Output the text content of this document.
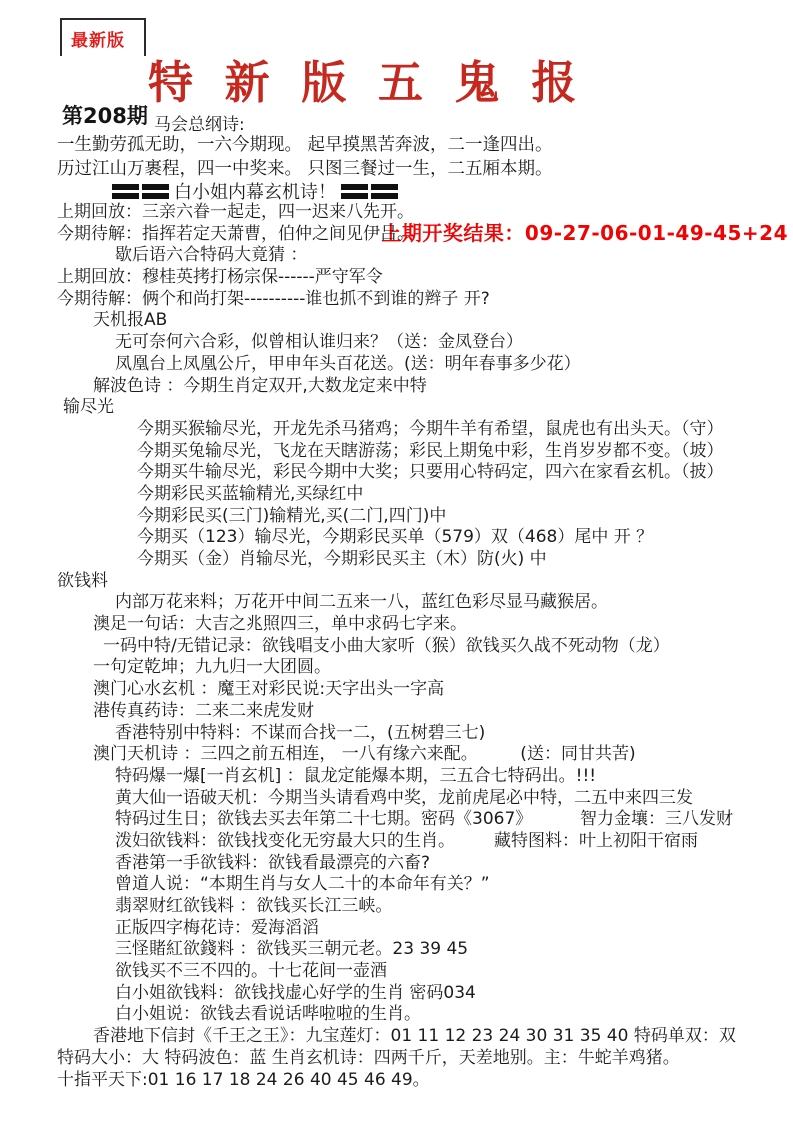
最新版
特 新 版 五 鬼 报
第208期 马会总纲诗:
一生勤劳孤无助，一六今期现。 起早摸黑苦奔波，二一逢四出。
历过江山万裹程，四一中奖来。 只图三餐过一生，二五厢本期。
白小姐内幕玄机诗！
上期开奖结果：09-27-06-01-49-45+24
上期回放：三亲六眷一起走，四一迟来八先开。
今期待解：指挥若定天萧曹，伯仲之间见伊吕。
歇后语六合特码大竟猜 ：
上期回放：穆桂英拷打杨宗保------严守军令
今期待解：俩个和尚打架----------谁也抓不到谁的辫子 开?
天机报AB
无可奈何六合彩，似曾相认谁归来？（送：金凤登台）
凤凰台上凤凰公斤，甲申年头百花送。(送：明年春事多少花）
解波色诗 ：今期生肖定双开,大数龙定来中特
输尽光
今期买猴输尽光，开龙先杀马猪鸡；今期牛羊有希望，鼠虎也有出头天。（守）
今期买兔输尽光，飞龙在天瞎游荡；彩民上期兔中彩，生肖岁岁都不变。（坡）
今期买牛输尽光，彩民今期中大奖；只要用心特码定，四六在家看玄机。（披）
今期彩民买蓝输精光,买绿红中
今期彩民买(三门)输精光,买(二门,四门)中
今期买（123）输尽光，今期彩民买单（579）双（468）尾中 开 ？
今期买（金）肖输尽光，今期彩民买主（木）防(火) 中
欲钱料
内部万花来料；万花开中间二五来一八，蓝红色彩尽显马藏猴居。
澳足一句话：大吉之兆照四三，单中求码七字来。
一码中特/无错记录：欲钱唱支小曲大家听（猴）欲钱买久战不死动物（龙）
一句定乾坤；九九归一大团圆。
澳门心水玄机 ：魔王对彩民说:天字出头一字高
港传真药诗：二来二来虎发财
香港特别中特料：不谋而合找一二，(五树碧三七)
澳门天机诗 ：三四之前五相连， 一八有缘六来配。　　　(送：同甘共苦)
特码爆一爆[一肖玄机] ：鼠龙定能爆本期，三五合七特码出。!!!
黄大仙一语破天机：今期当头请看鸡中奖，龙前虎尾必中特，二五中来四三发
特码过生日；欲钱去买去年第二十七期。密码《3067》	智力金壤：三八发财
泼妇欲钱料：欲钱找变化无穷最大只的生肖。 藏特图料：叶上初阳干宿雨
香港第一手欲钱料：欲钱看最漂亮的六畜?
曾道人说：“本期生肖与女人二十的本命年有关？”
翡翠财红欲钱料 ：欲钱买长江三峡。
正版四字梅花诗：爱海滔滔
三怪賭紅欲錢料 ：欲钱买三朝元老。23 39 45
欲钱买不三不四的。十七花间一壶酒
白小姐欲钱料：欲钱找虚心好学的生肖 密码034
白小姐说：欲钱去看说话哔啦啦的生肖。
香港地下信封《千王之王》：九宝莲灯：01 11 12 23 24 30 31 35 40 特码单双：双
特码大小：大 特码波色：蓝 生肖玄机诗：四两千斤，天差地别。主：牛蛇羊鸡猪。
十指平天下:01 16 17 18 24 26 40 45 46 49。
